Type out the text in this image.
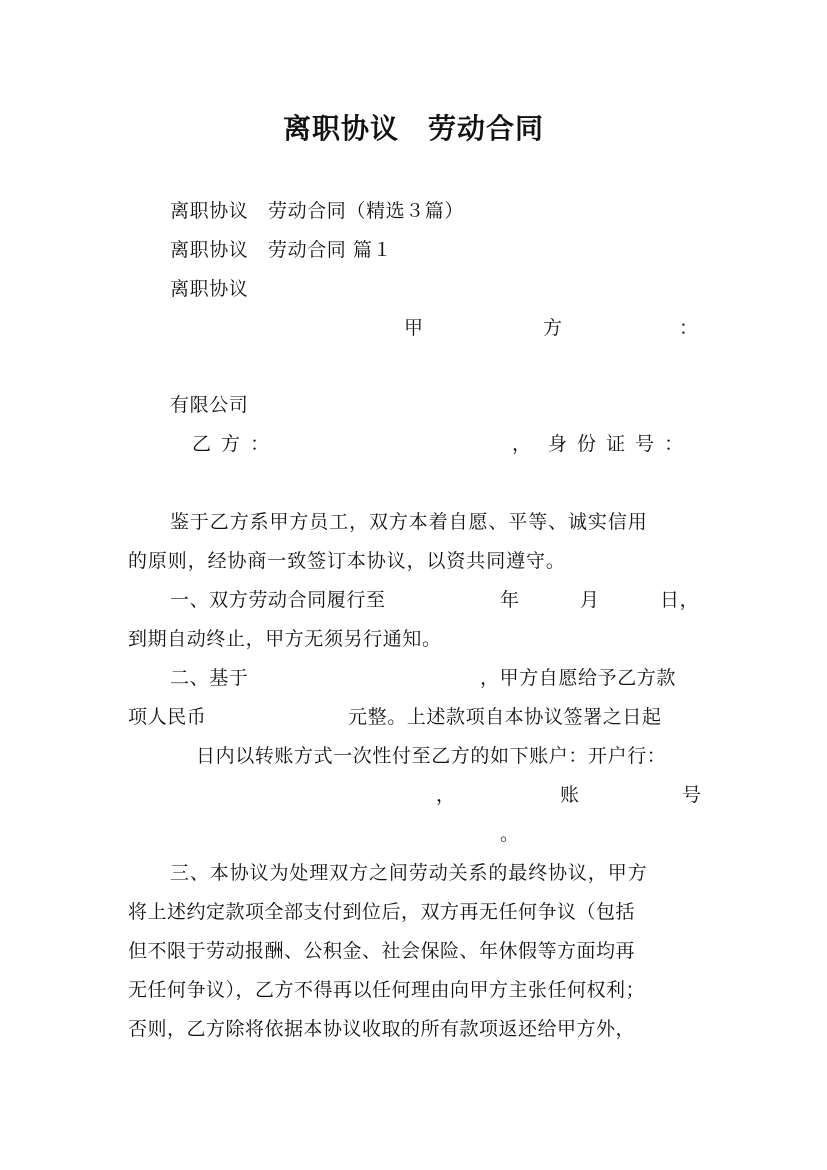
离职协议　劳动合同
离职协议　劳动合同（精选３篇）
离职协议　劳动合同 篇１
离职协议
甲	方	：
有限公司
乙 方 ：	， 身 份 证 号 ：
鉴于乙方系甲方员工，双方本着自愿、平等、诚实信用
的原则，经协商一致签订本协议，以资共同遵守。
一、双方劳动合同履行至	年	月	日，
到期自动终止，甲方无须另行通知。
二、基于	，甲方自愿给予乙方款
项人民币	元整。上述款项自本协议签署之日起
日内以转账方式一次性付至乙方的如下账户：开户行：
，	账	号
。
三、本协议为处理双方之间劳动关系的最终协议，甲方
将上述约定款项全部支付到位后，双方再无任何争议（包括
但不限于劳动报酬、公积金、社会保险、年休假等方面均再
无任何争议），乙方不得再以任何理由向甲方主张任何权利；
否则，乙方除将依据本协议收取的所有款项返还给甲方外，
